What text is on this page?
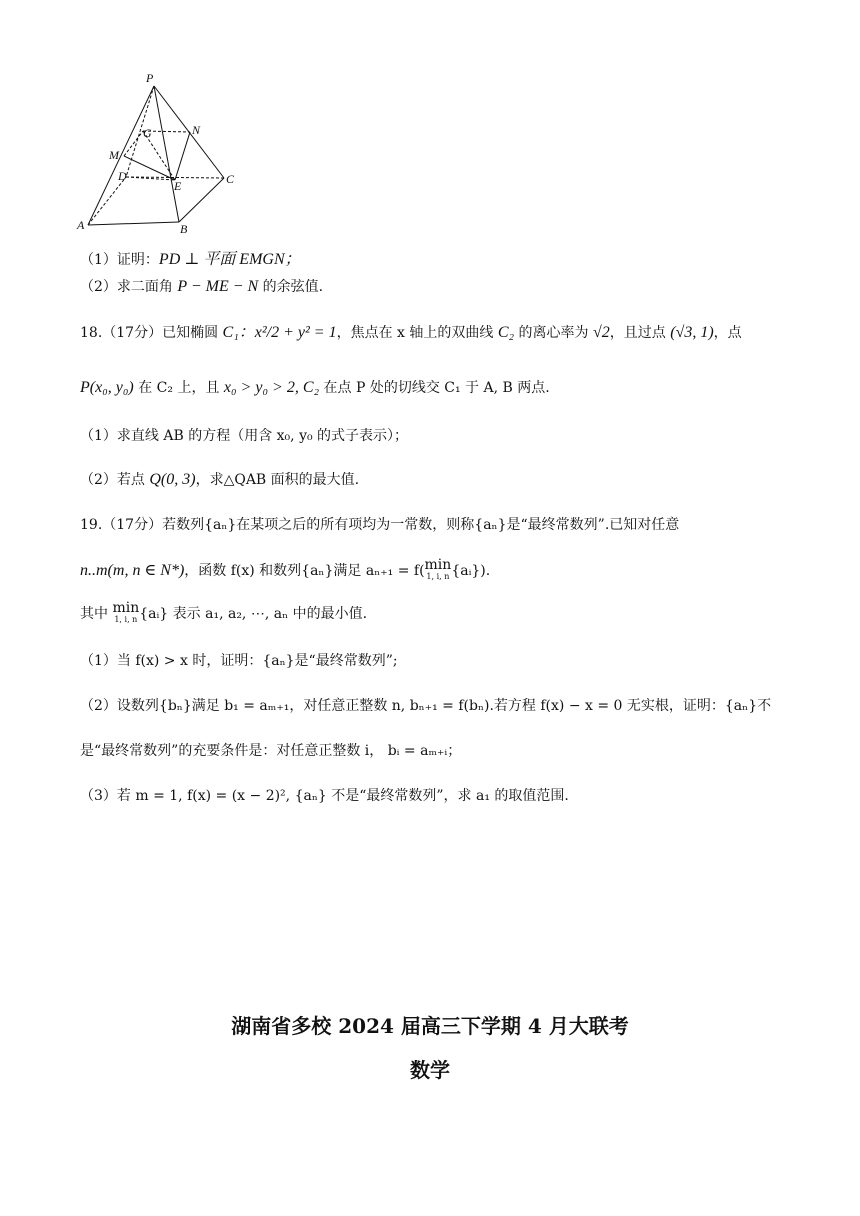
P
G	N
M
D
E	C
A	B
（1）证明：PD ⊥ 平面 EMGN；
（2）求二面角 P − ME − N 的余弦值.
18.（17分）已知椭圆 C₁：x²/2 + y² = 1，焦点在 x 轴上的双曲线 C₂ 的离心率为 √2，且过点 (√3, 1)，点
P(x₀, y₀) 在 C₂ 上，且 x₀ > y₀ > 2, C₂ 在点 P 处的切线交 C₁ 于 A, B 两点.
（1）求直线 AB 的方程（用含 x₀, y₀ 的式子表示）；
（2）若点 Q(0, 3)，求△QAB 面积的最大值.
19.（17分）若数列{aₙ}在某项之后的所有项均为一常数，则称{aₙ}是“最终常数列”.已知对任意
n..m(m, n ∈ N*)，函数 f(x) 和数列{aₙ}满足 aₙ₊₁ = f(min
1, i, n {aᵢ}).
其中 min
1, i, n {aᵢ} 表示 a₁, a₂, ⋯, aₙ 中的最小值.
（1）当 f(x) > x 时，证明：{aₙ}是“最终常数列”;
（2）设数列{bₙ}满足 b₁ = aₘ₊₁，对任意正整数 n, bₙ₊₁ = f(bₙ).若方程 f(x) − x = 0 无实根，证明：{aₙ}不
是“最终常数列”的充要条件是：对任意正整数 i， bᵢ = aₘ₊ᵢ；
（3）若 m = 1, f(x) = (x − 2)², {aₙ} 不是“最终常数列”，求 a₁ 的取值范围.
湖南省多校 2024 届高三下学期 4 月大联考
数学
